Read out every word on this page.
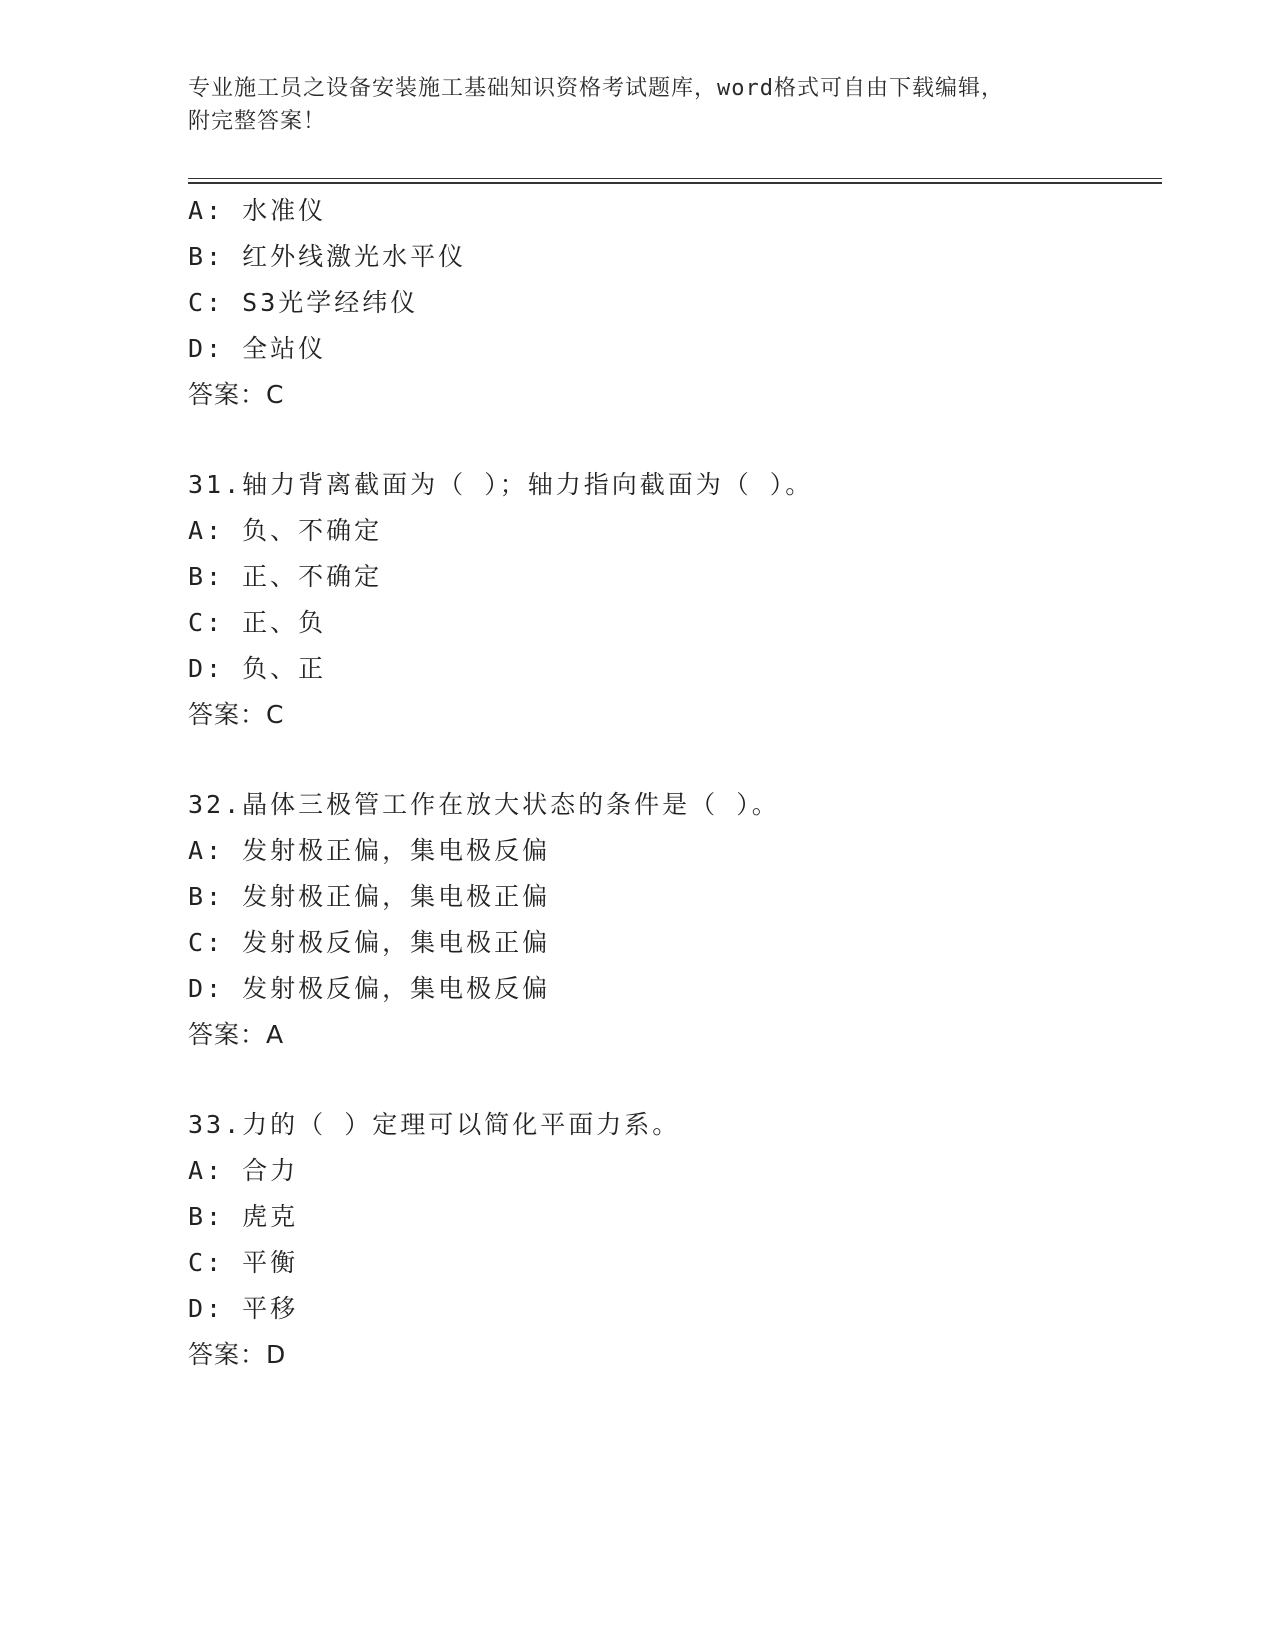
专业施工员之设备安装施工基础知识资格考试题库，word格式可自由下载编辑，
附完整答案！
A: 水准仪
B: 红外线激光水平仪
C: S3光学经纬仪
D: 全站仪
答案：C
31.轴力背离截面为（ ）；轴力指向截面为（ ）。
A: 负、不确定
B: 正、不确定
C: 正、负
D: 负、正
答案：C
32.晶体三极管工作在放大状态的条件是（ ）。
A: 发射极正偏，集电极反偏
B: 发射极正偏，集电极正偏
C: 发射极反偏，集电极正偏
D: 发射极反偏，集电极反偏
答案：A
33.力的（ ）定理可以简化平面力系。
A: 合力
B: 虎克
C: 平衡
D: 平移
答案：D
